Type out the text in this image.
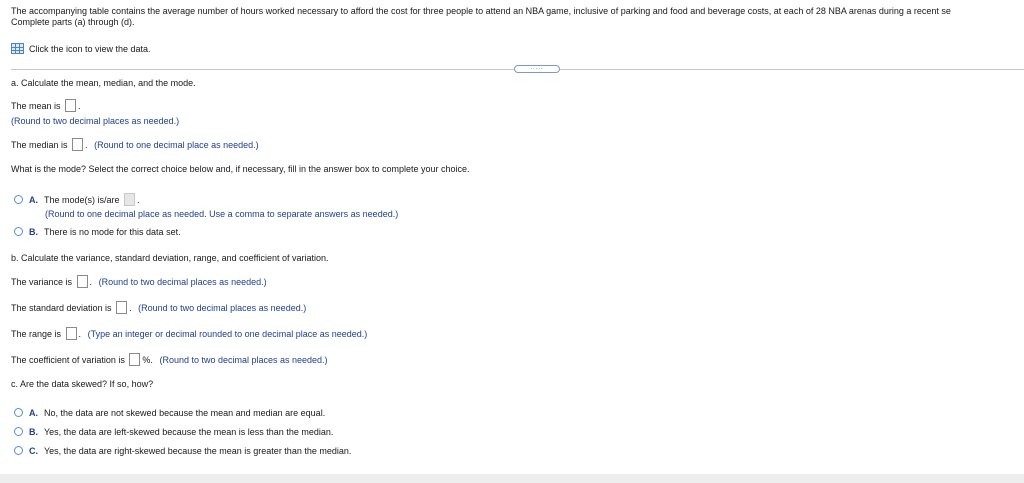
The accompanying table contains the average number of hours worked necessary to afford the cost for three people to attend an NBA game, inclusive of parking and food and beverage costs, at each of 28 NBA arenas during a recent se
Complete parts (a) through (d).
Click the icon to view the data.
.....
a. Calculate the mean, median, and the mode.
The mean is .
(Round to two decimal places as needed.)
The median is . (Round to one decimal place as needed.)
What is the mode? Select the correct choice below and, if necessary, fill in the answer box to complete your choice.
A. The mode(s) is/are .
(Round to one decimal place as needed. Use a comma to separate answers as needed.)
B. There is no mode for this data set.
b. Calculate the variance, standard deviation, range, and coefficient of variation.
The variance is . (Round to two decimal places as needed.)
The standard deviation is . (Round to two decimal places as needed.)
The range is . (Type an integer or decimal rounded to one decimal place as needed.)
The coefficient of variation is %. (Round to two decimal places as needed.)
c. Are the data skewed? If so, how?
A. No, the data are not skewed because the mean and median are equal.
B. Yes, the data are left-skewed because the mean is less than the median.
C. Yes, the data are right-skewed because the mean is greater than the median.
